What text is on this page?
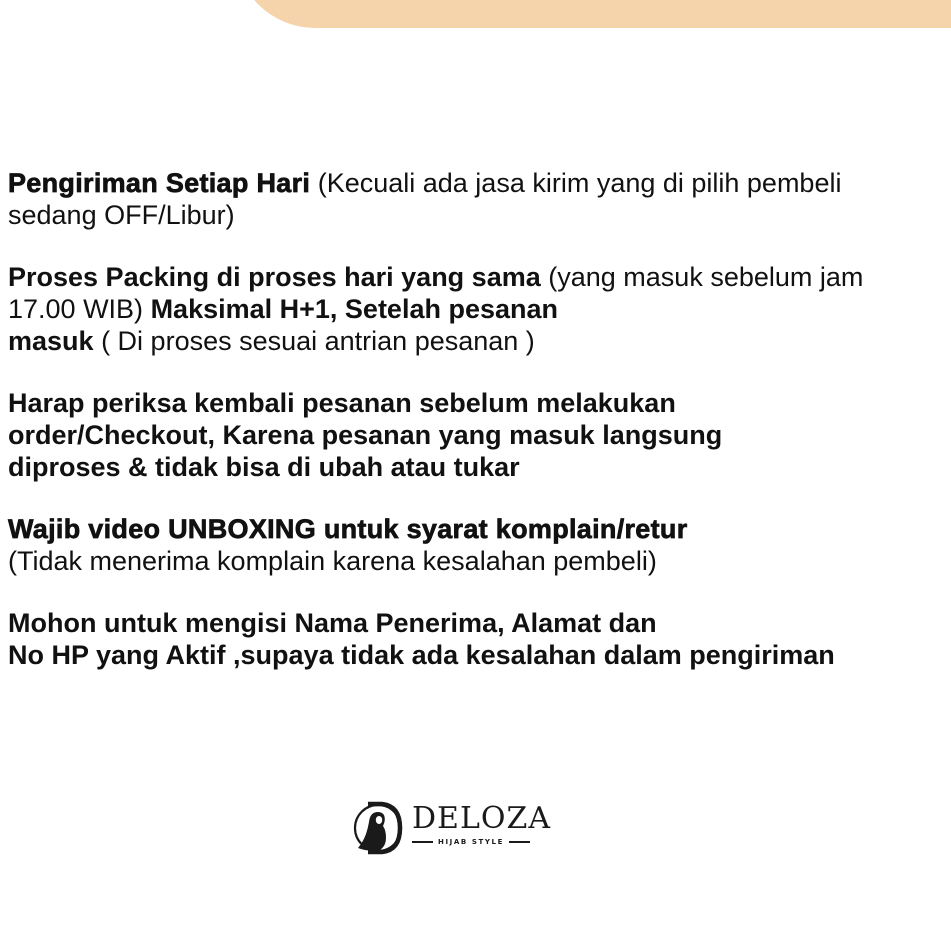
Pengiriman Setiap Hari (Kecuali ada jasa kirim yang di pilih pembeli sedang OFF/Libur)

Proses Packing di proses hari yang sama (yang masuk sebelum jam 17.00 WIB) Maksimal H+1, Setelah pesanan
masuk ( Di proses sesuai antrian pesanan )

Harap periksa kembali pesanan sebelum melakukan
order/Checkout, Karena pesanan yang masuk langsung
diproses & tidak bisa di ubah atau tukar

Wajib video UNBOXING untuk syarat komplain/retur
(Tidak menerima komplain karena kesalahan pembeli)

Mohon untuk mengisi Nama Penerima, Alamat dan
No HP yang Aktif ,supaya tidak ada kesalahan dalam pengiriman

DELOZA
HIJAB STYLE
